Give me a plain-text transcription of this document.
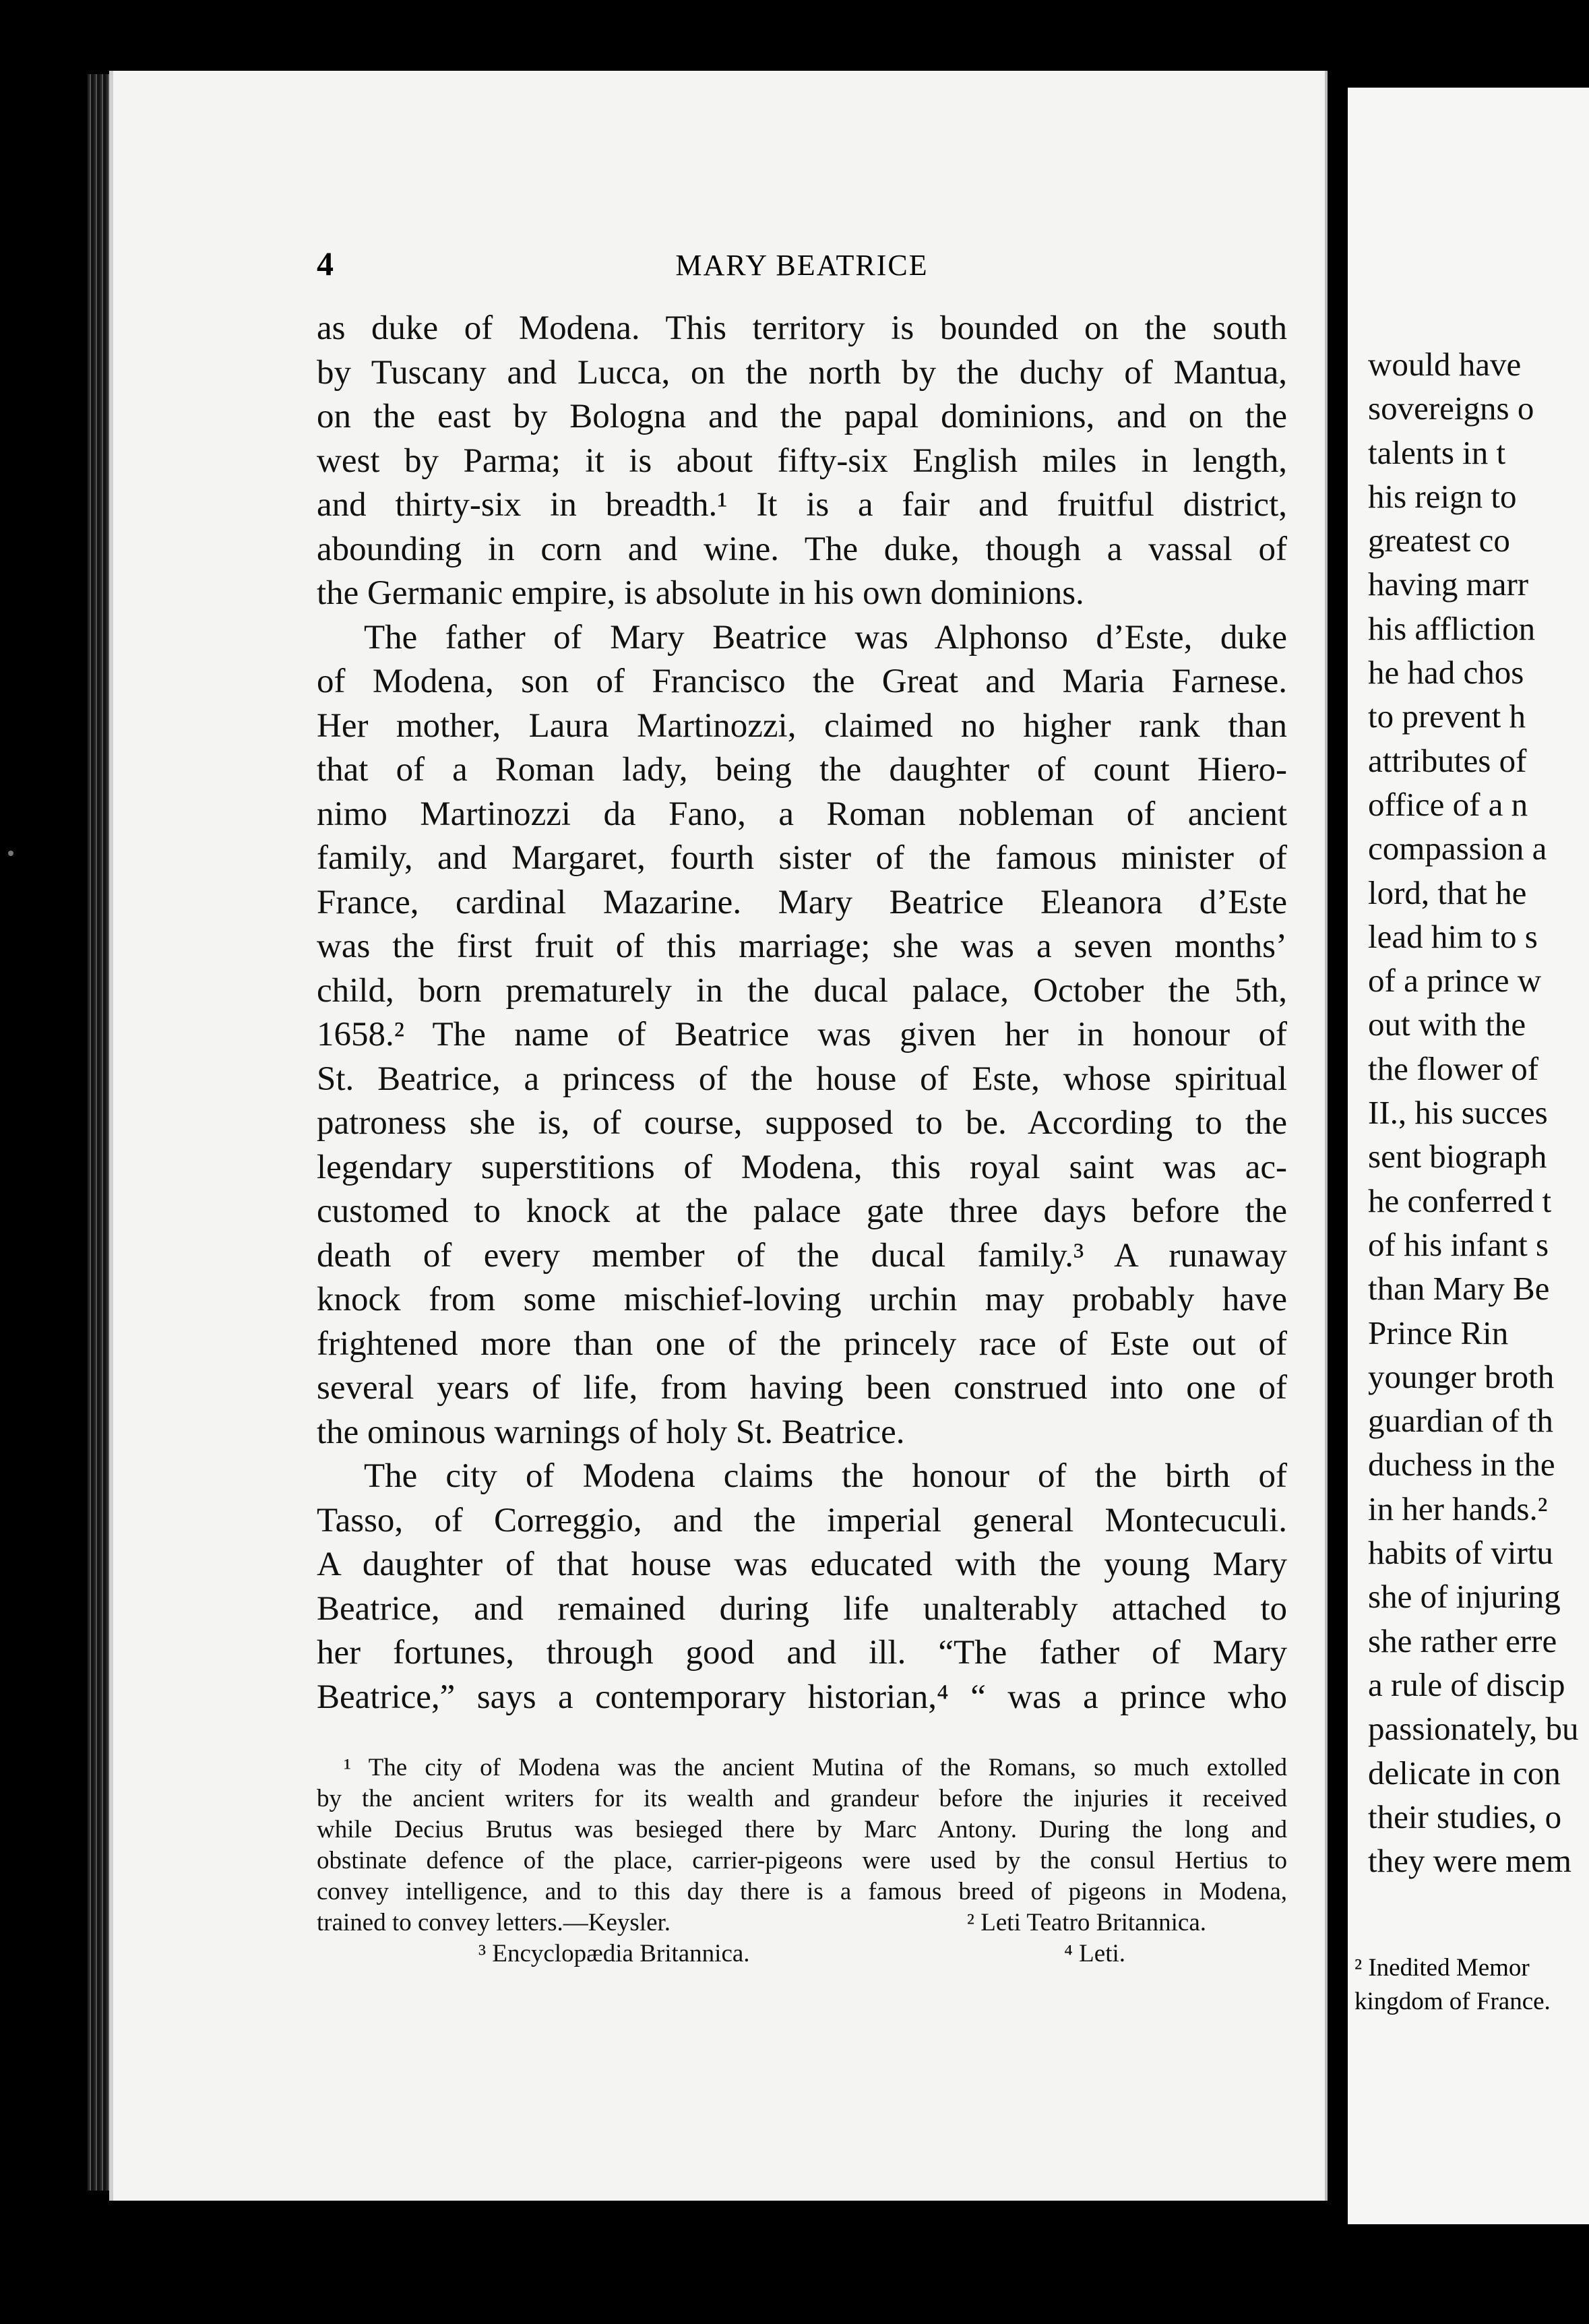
4	MARY BEATRICE
as duke of Modena. This territory is bounded on the south
by Tuscany and Lucca, on the north by the duchy of Mantua,
on the east by Bologna and the papal dominions, and on the
west by Parma; it is about fifty-six English miles in length,
and thirty-six in breadth.¹ It is a fair and fruitful district,
abounding in corn and wine. The duke, though a vassal of
the Germanic empire, is absolute in his own dominions.
The father of Mary Beatrice was Alphonso d’Este, duke
of Modena, son of Francisco the Great and Maria Farnese.
Her mother, Laura Martinozzi, claimed no higher rank than
that of a Roman lady, being the daughter of count Hiero-
nimo Martinozzi da Fano, a Roman nobleman of ancient
family, and Margaret, fourth sister of the famous minister of
France, cardinal Mazarine. Mary Beatrice Eleanora d’Este
was the first fruit of this marriage; she was a seven months’
child, born prematurely in the ducal palace, October the 5th,
1658.² The name of Beatrice was given her in honour of
St. Beatrice, a princess of the house of Este, whose spiritual
patroness she is, of course, supposed to be. According to the
legendary superstitions of Modena, this royal saint was ac-
customed to knock at the palace gate three days before the
death of every member of the ducal family.³ A runaway
knock from some mischief-loving urchin may probably have
frightened more than one of the princely race of Este out of
several years of life, from having been construed into one of
the ominous warnings of holy St. Beatrice.
The city of Modena claims the honour of the birth of
Tasso, of Correggio, and the imperial general Montecuculi.
A daughter of that house was educated with the young Mary
Beatrice, and remained during life unalterably attached to
her fortunes, through good and ill. “The father of Mary
Beatrice,” says a contemporary historian,⁴ “ was a prince who
¹ The city of Modena was the ancient Mutina of the Romans, so much extolled
by the ancient writers for its wealth and grandeur before the injuries it received
while Decius Brutus was besieged there by Marc Antony. During the long and
obstinate defence of the place, carrier-pigeons were used by the consul Hertius to
convey intelligence, and to this day there is a famous breed of pigeons in Modena,
trained to convey letters.—Keysler.	² Leti Teatro Britannica.
³ Encyclopædia Britannica.	⁴ Leti.
would have
sovereigns o
talents in t
his reign to
greatest co
having marr
his affliction
he had chos
to prevent h
attributes of
office of a n
compassion a
lord, that he
lead him to s
of a prince w
out with the
the flower of
II., his succes
sent biograph
he conferred t
of his infant s
than Mary Be
Prince Rin
younger broth
guardian of th
duchess in the
in her hands.²
habits of virtu
she of injuring
she rather erre
a rule of discip
passionately, bu
delicate in con
their studies, o
they were mem
² Inedited Memor
kingdom of France.
